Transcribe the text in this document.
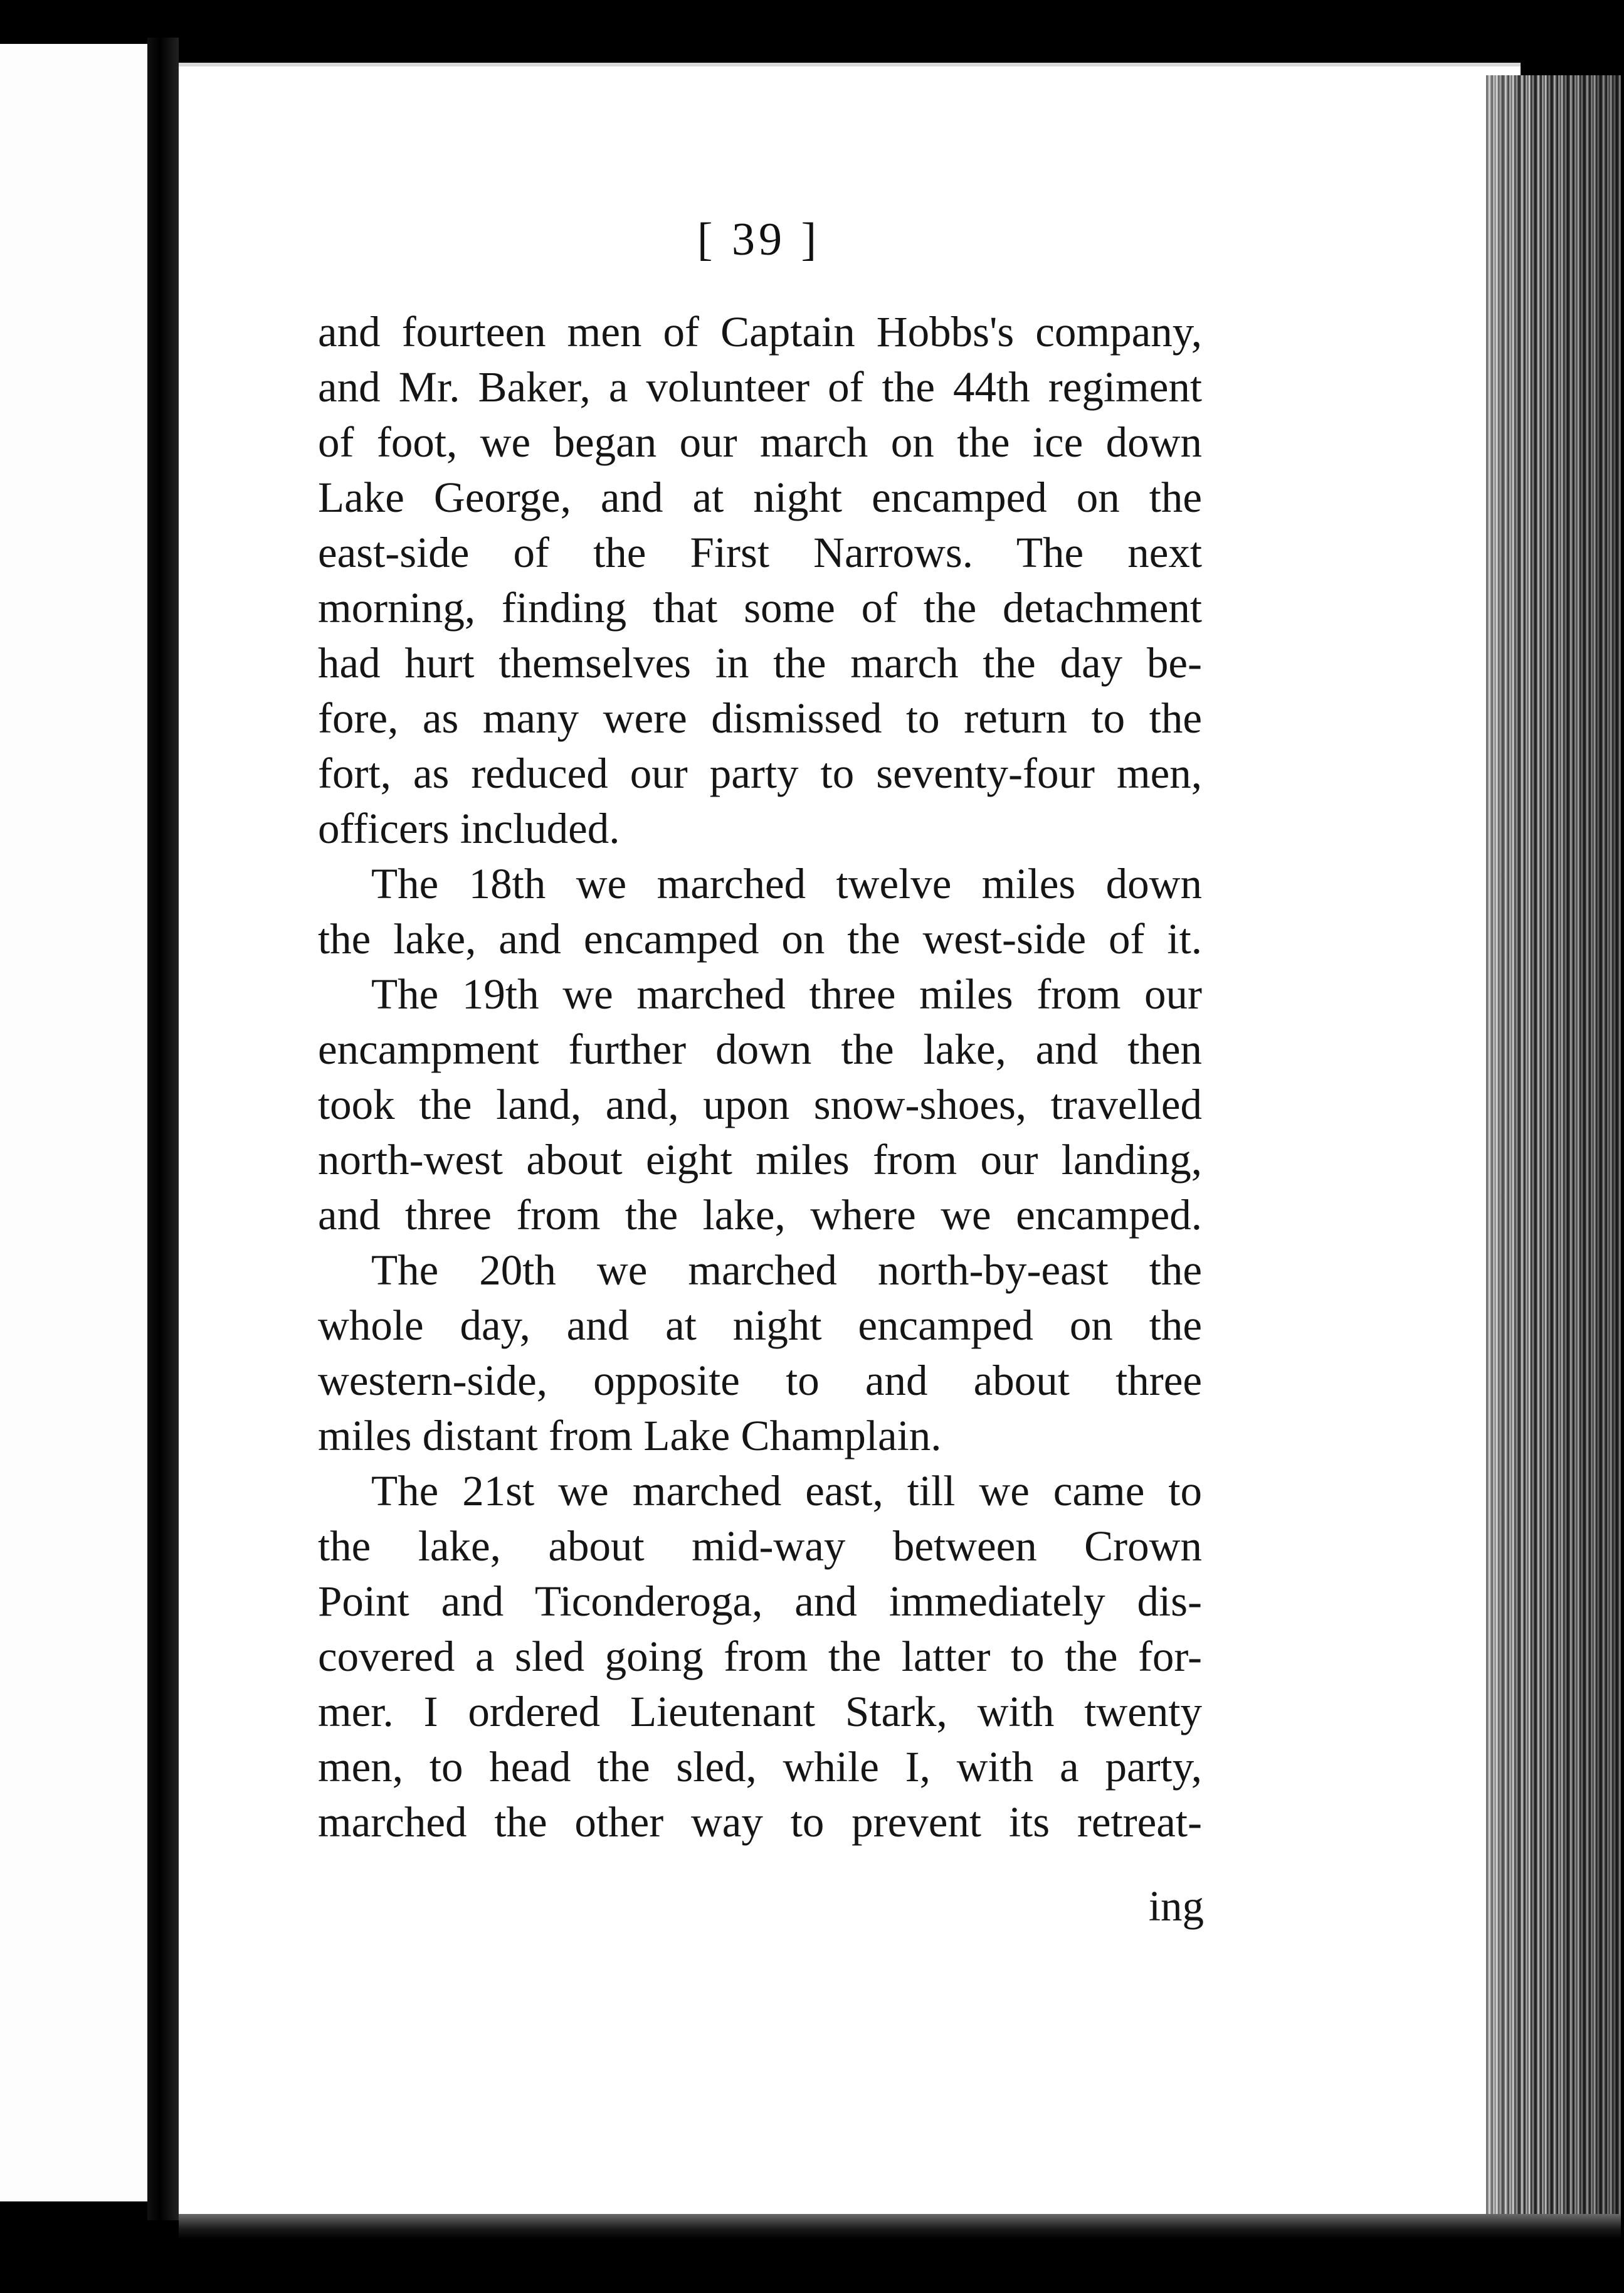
[ 39 ]
and fourteen men of Captain Hobbs's company,
and Mr. Baker, a volunteer of the 44th regiment
of foot, we began our march on the ice down
Lake George, and at night encamped on the
east-side of the First Narrows. The next
morning, finding that some of the detachment
had hurt themselves in the march the day be-
fore, as many were dismissed to return to the
fort, as reduced our party to seventy-four men,
officers included.
The 18th we marched twelve miles down
the lake, and encamped on the west-side of it.
The 19th we marched three miles from our
encampment further down the lake, and then
took the land, and, upon snow-shoes, travelled
north-west about eight miles from our landing,
and three from the lake, where we encamped.
The 20th we marched north-by-east the
whole day, and at night encamped on the
western-side, opposite to and about three
miles distant from Lake Champlain.
The 21st we marched east, till we came to
the lake, about mid-way between Crown
Point and Ticonderoga, and immediately dis-
covered a sled going from the latter to the for-
mer. I ordered Lieutenant Stark, with twenty
men, to head the sled, while I, with a party,
marched the other way to prevent its retreat-
ing
